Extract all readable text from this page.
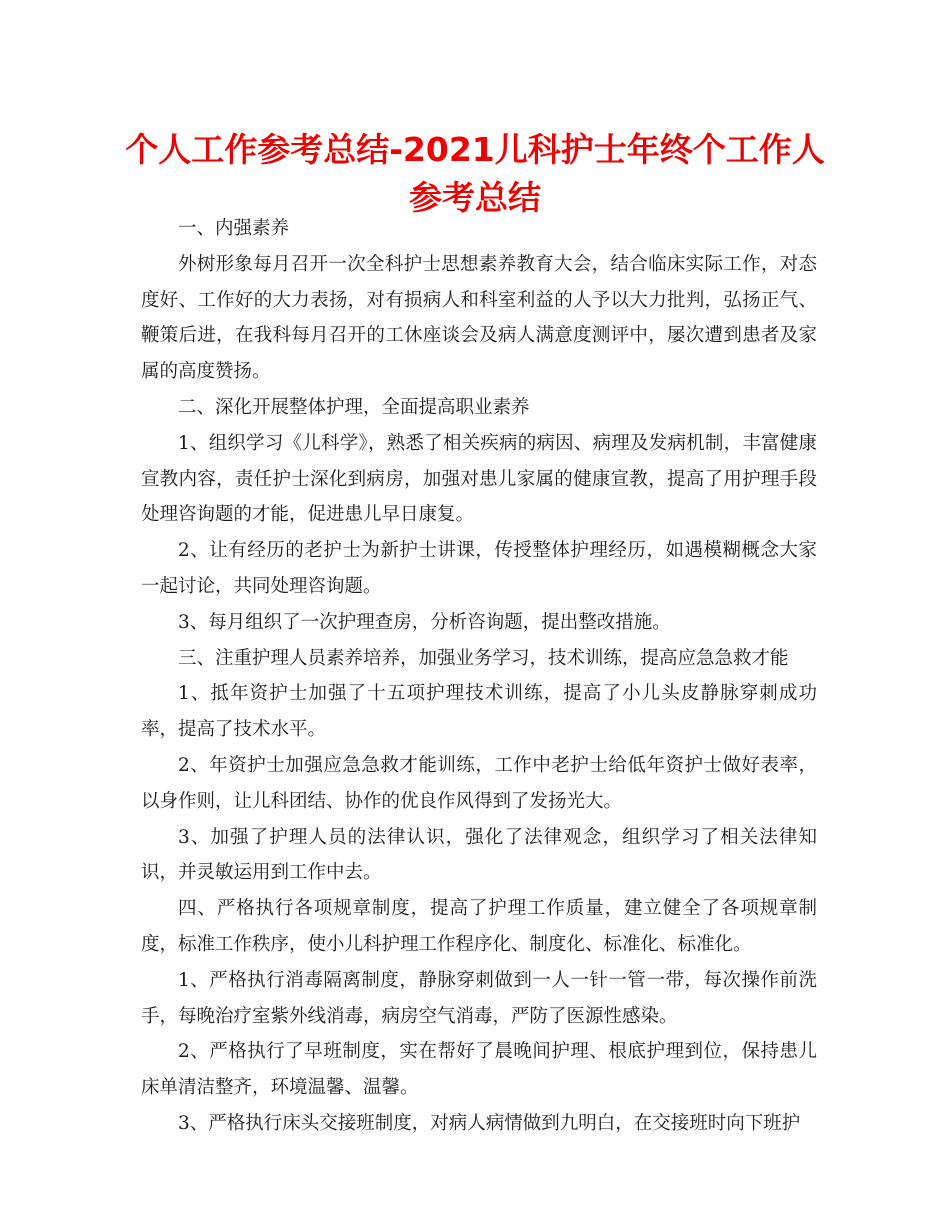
个人工作参考总结-2021儿科护士年终个工作人参考总结

一、内强素养

外树形象每月召开一次全科护士思想素养教育大会，结合临床实际工作，对态度好、工作好的大力表扬，对有损病人和科室利益的人予以大力批判，弘扬正气、鞭策后进，在我科每月召开的工休座谈会及病人满意度测评中，屡次遭到患者及家属的高度赞扬。

二、深化开展整体护理，全面提高职业素养

1、组织学习《儿科学》，熟悉了相关疾病的病因、病理及发病机制，丰富健康宣教内容，责任护士深化到病房，加强对患儿家属的健康宣教，提高了用护理手段处理咨询题的才能，促进患儿早日康复。

2、让有经历的老护士为新护士讲课，传授整体护理经历，如遇模糊概念大家一起讨论，共同处理咨询题。

3、每月组织了一次护理查房，分析咨询题，提出整改措施。

三、注重护理人员素养培养，加强业务学习，技术训练，提高应急急救才能

1、抵年资护士加强了十五项护理技术训练，提高了小儿头皮静脉穿刺成功率，提高了技术水平。

2、年资护士加强应急急救才能训练，工作中老护士给低年资护士做好表率，以身作则，让儿科团结、协作的优良作风得到了发扬光大。

3、加强了护理人员的法律认识，强化了法律观念，组织学习了相关法律知识，并灵敏运用到工作中去。

四、严格执行各项规章制度，提高了护理工作质量，建立健全了各项规章制度，标准工作秩序，使小儿科护理工作程序化、制度化、标准化、标准化。

1、严格执行消毒隔离制度，静脉穿刺做到一人一针一管一带，每次操作前洗手，每晚治疗室紫外线消毒，病房空气消毒，严防了医源性感染。

2、严格执行了早班制度，实在帮好了晨晚间护理、根底护理到位，保持患儿床单清洁整齐，环境温馨、温馨。

3、严格执行床头交接班制度，对病人病情做到九明白，在交接班时向下班护
